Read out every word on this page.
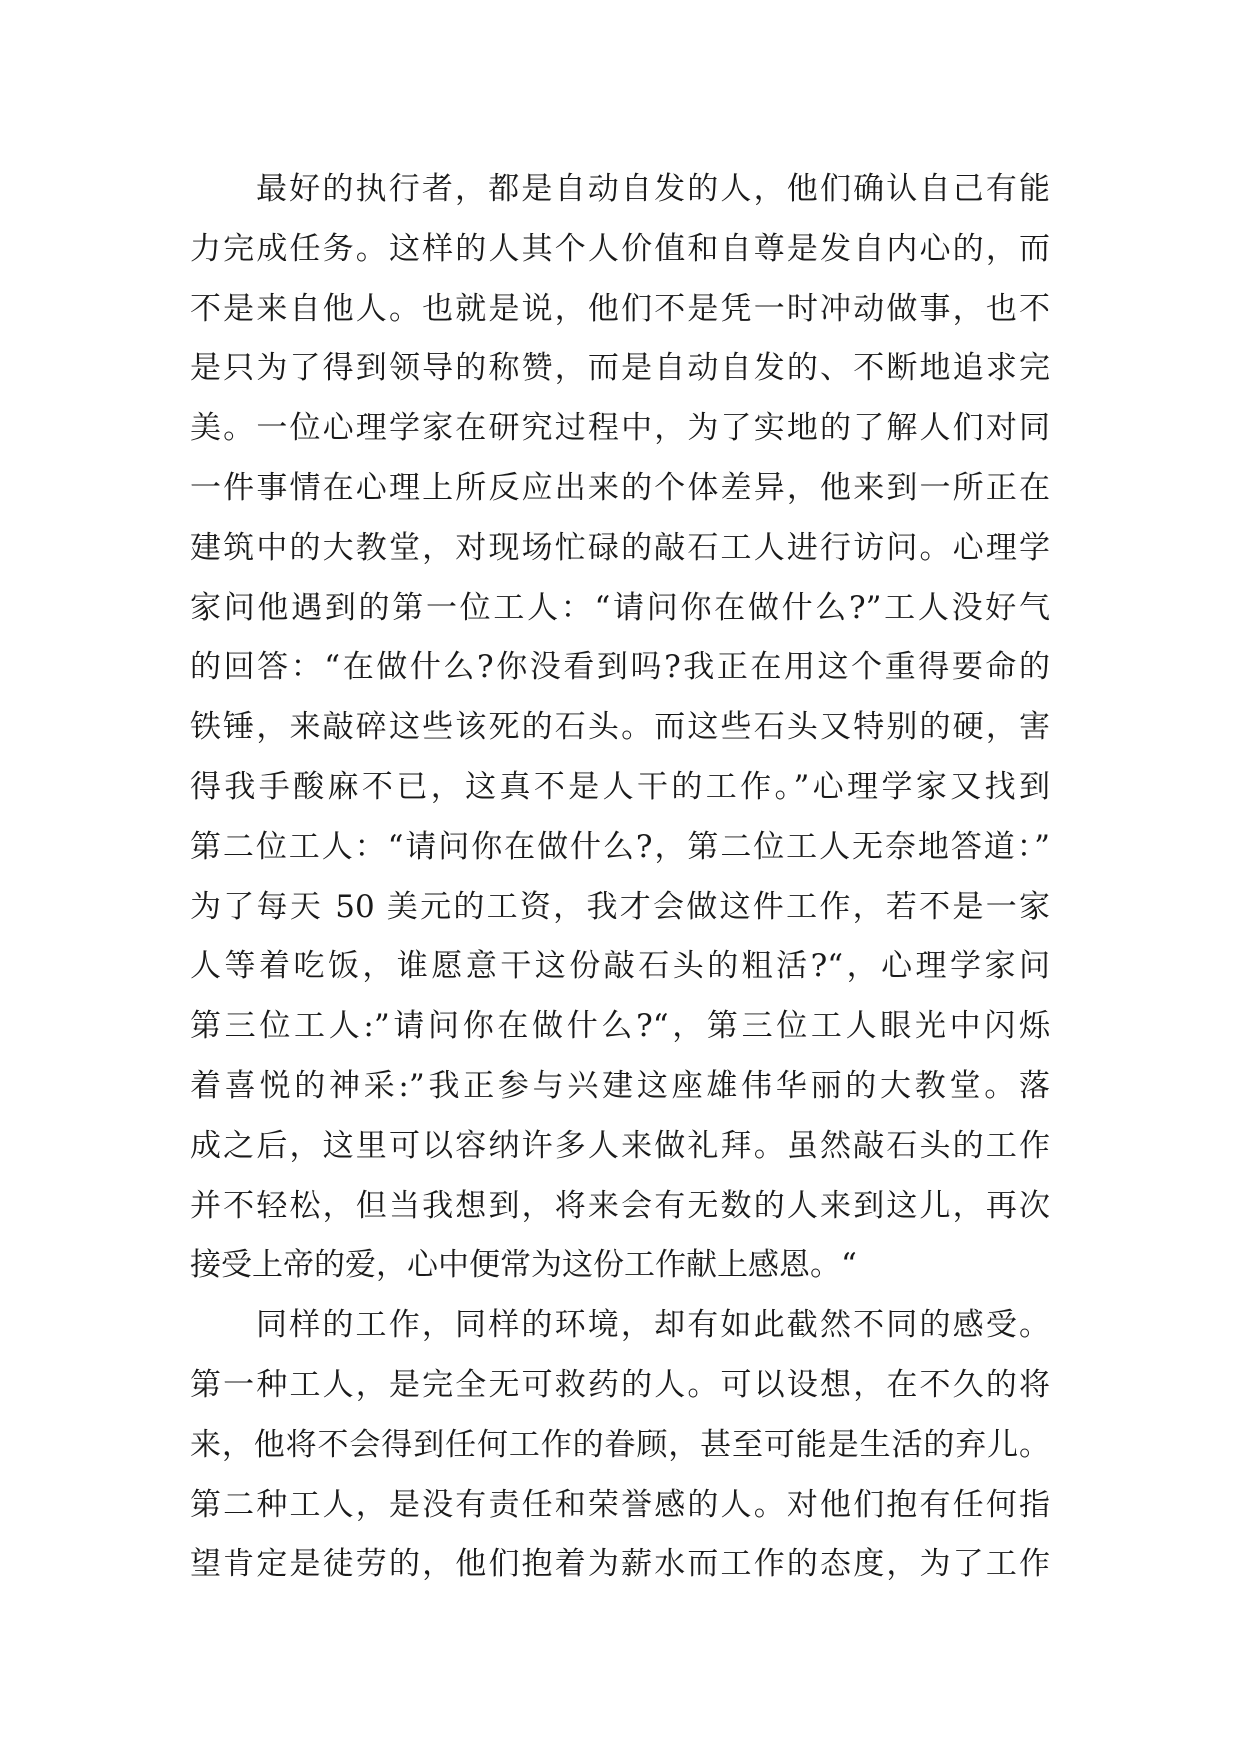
最好的执行者，都是自动自发的人，他们确认自己有能
力完成任务。这样的人其个人价值和自尊是发自内心的，而
不是来自他人。也就是说，他们不是凭一时冲动做事，也不
是只为了得到领导的称赞，而是自动自发的、不断地追求完
美。一位心理学家在研究过程中，为了实地的了解人们对同
一件事情在心理上所反应出来的个体差异，他来到一所正在
建筑中的大教堂，对现场忙碌的敲石工人进行访问。心理学
家问他遇到的第一位工人：“请问你在做什么?”工人没好气
的回答：“在做什么?你没看到吗?我正在用这个重得要命的
铁锤，来敲碎这些该死的石头。而这些石头又特别的硬，害
得我手酸麻不已，这真不是人干的工作。”心理学家又找到
第二位工人：“请问你在做什么?，第二位工人无奈地答道：”
为了每天 50 美元的工资，我才会做这件工作，若不是一家
人等着吃饭，谁愿意干这份敲石头的粗活?“，心理学家问
第三位工人:”请问你在做什么?“，第三位工人眼光中闪烁
着喜悦的神采:”我正参与兴建这座雄伟华丽的大教堂。落
成之后，这里可以容纳许多人来做礼拜。虽然敲石头的工作
并不轻松，但当我想到，将来会有无数的人来到这儿，再次
接受上帝的爱，心中便常为这份工作献上感恩。“
同样的工作，同样的环境，却有如此截然不同的感受。
第一种工人，是完全无可救药的人。可以设想，在不久的将
来，他将不会得到任何工作的眷顾，甚至可能是生活的弃儿。
第二种工人，是没有责任和荣誉感的人。对他们抱有任何指
望肯定是徒劳的，他们抱着为薪水而工作的态度，为了工作
